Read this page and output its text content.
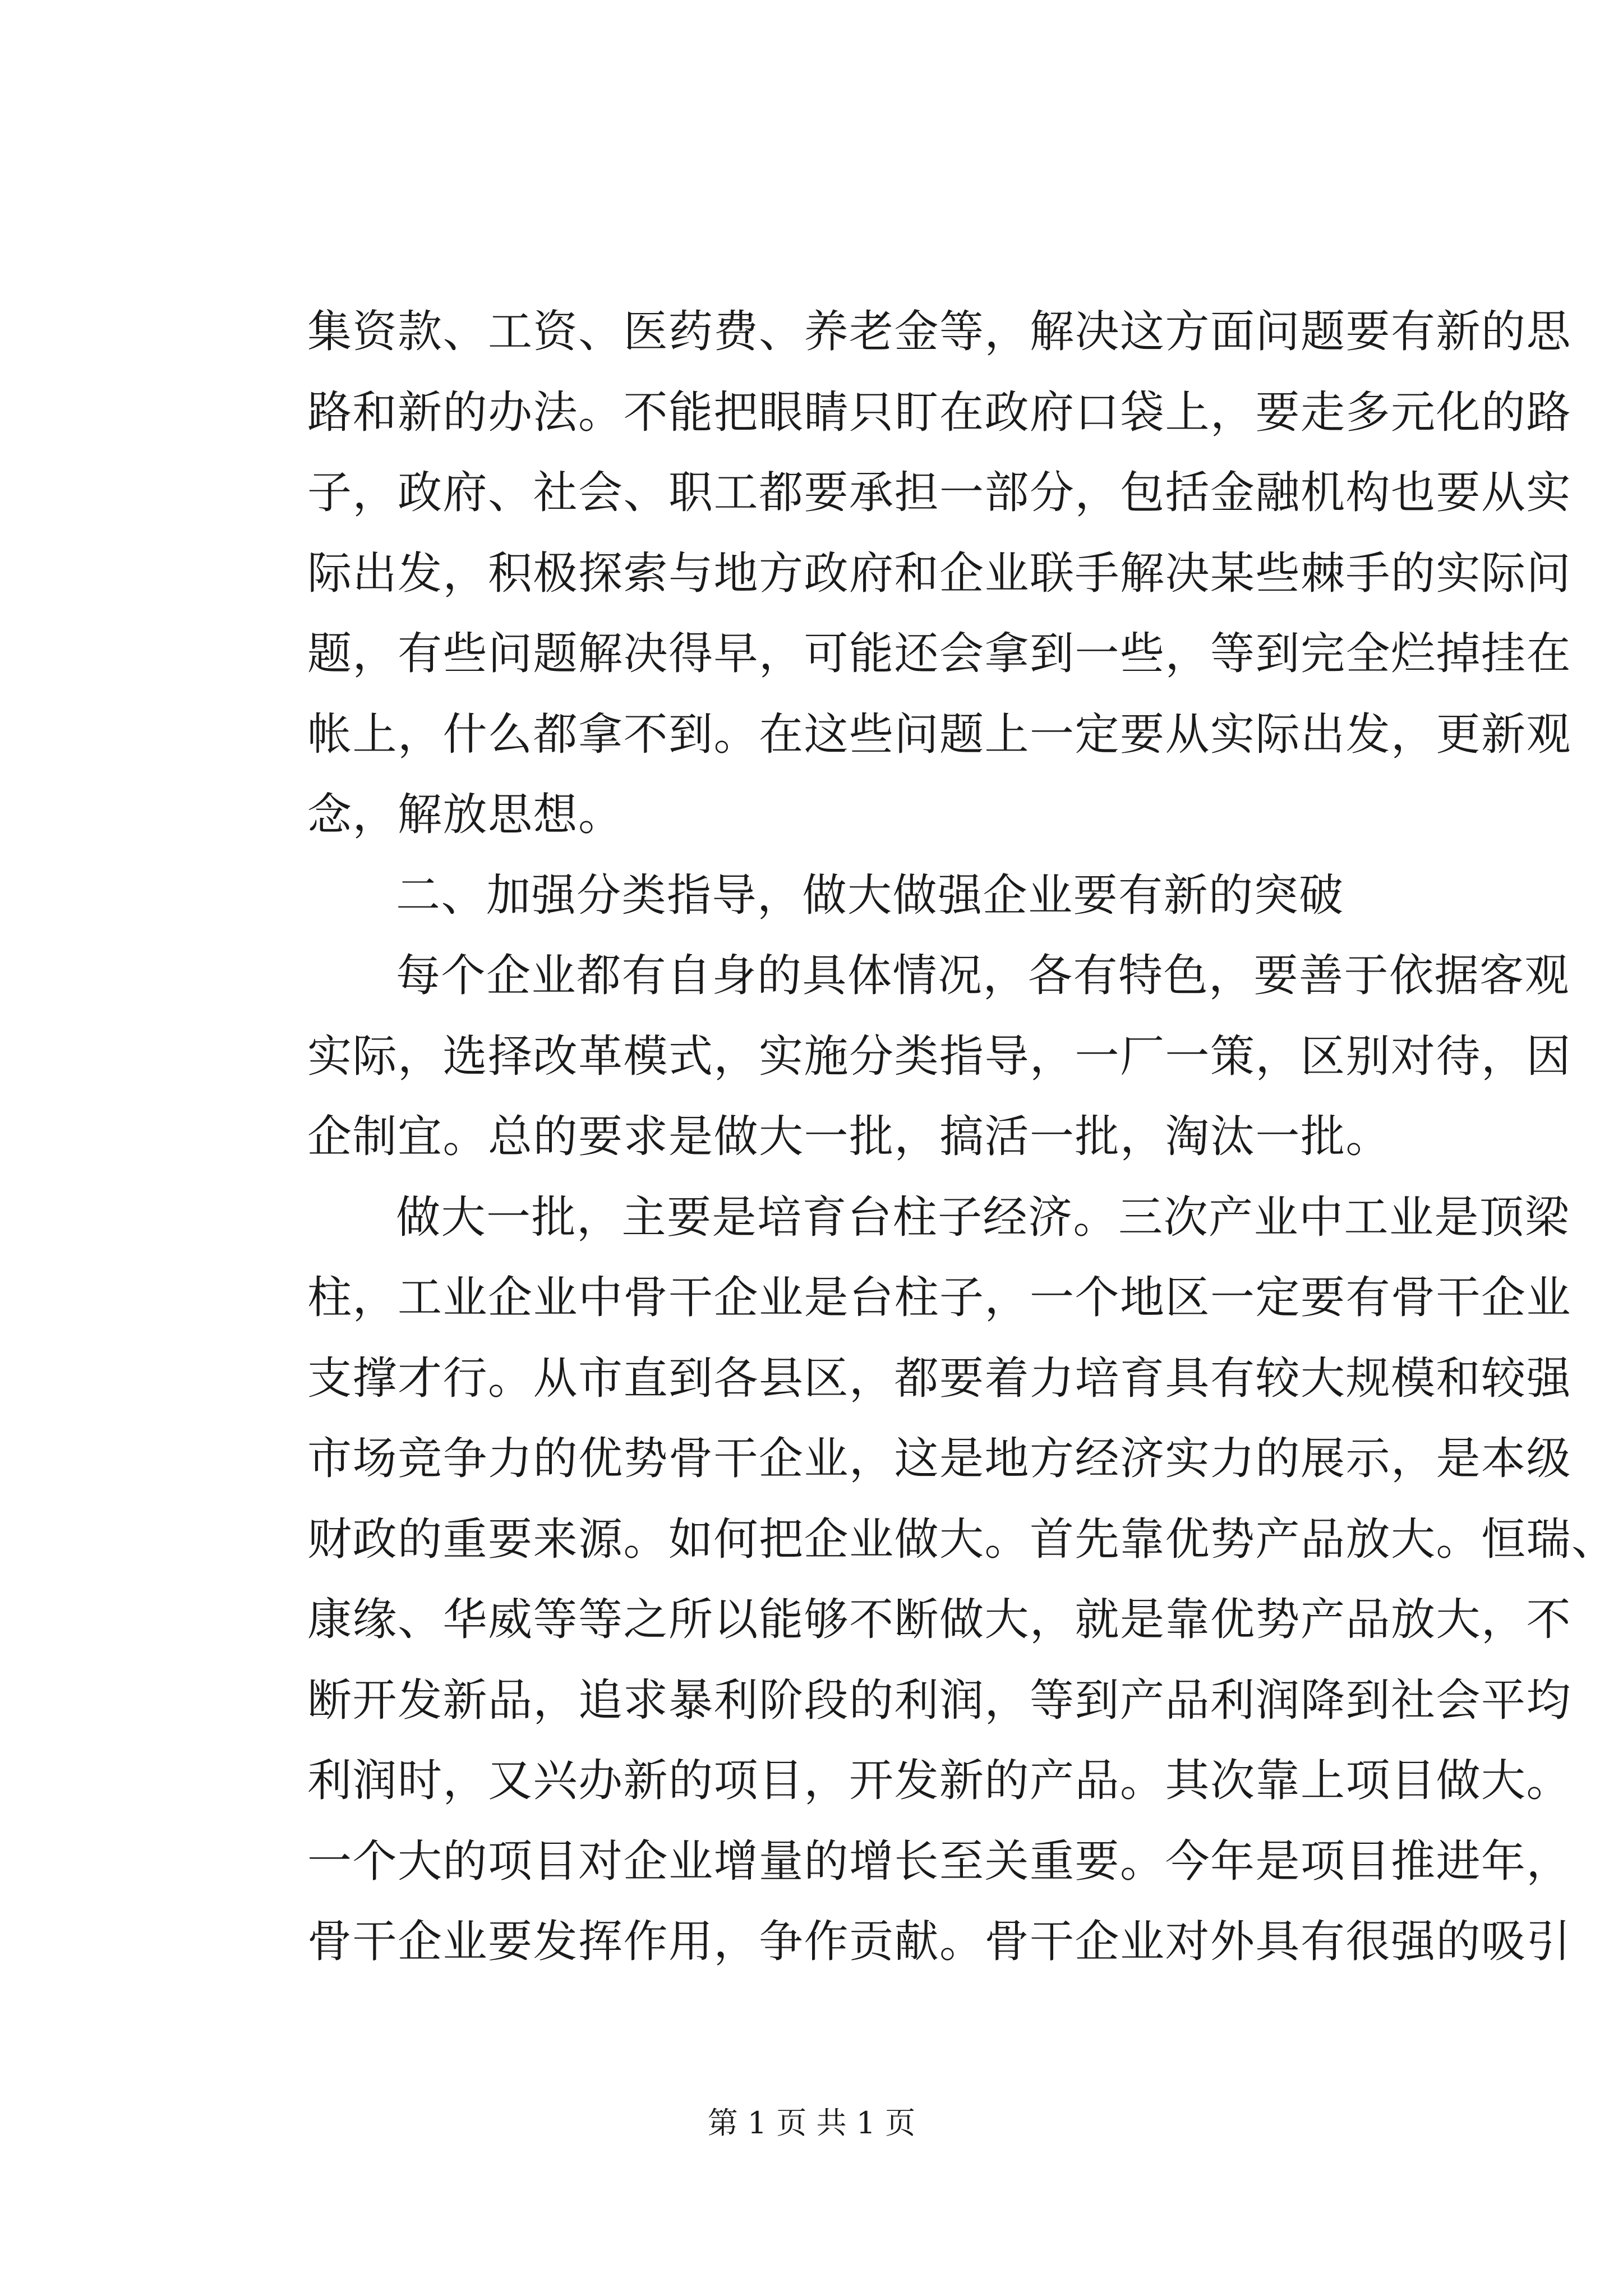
集资款、工资、医药费、养老金等，解决这方面问题要有新的思
路和新的办法。不能把眼睛只盯在政府口袋上，要走多元化的路
子，政府、社会、职工都要承担一部分，包括金融机构也要从实
际出发，积极探索与地方政府和企业联手解决某些棘手的实际问
题，有些问题解决得早，可能还会拿到一些，等到完全烂掉挂在
帐上，什么都拿不到。在这些问题上一定要从实际出发，更新观
念，解放思想。
二、加强分类指导，做大做强企业要有新的突破
每个企业都有自身的具体情况，各有特色，要善于依据客观
实际，选择改革模式，实施分类指导，一厂一策，区别对待，因
企制宜。总的要求是做大一批，搞活一批，淘汰一批。
做大一批，主要是培育台柱子经济。三次产业中工业是顶梁
柱，工业企业中骨干企业是台柱子，一个地区一定要有骨干企业
支撑才行。从市直到各县区，都要着力培育具有较大规模和较强
市场竞争力的优势骨干企业，这是地方经济实力的展示，是本级
财政的重要来源。如何把企业做大。首先靠优势产品放大。恒瑞、
康缘、华威等等之所以能够不断做大，就是靠优势产品放大，不
断开发新品，追求暴利阶段的利润，等到产品利润降到社会平均
利润时，又兴办新的项目，开发新的产品。其次靠上项目做大。
一个大的项目对企业增量的增长至关重要。今年是项目推进年，
骨干企业要发挥作用，争作贡献。骨干企业对外具有很强的吸引
第 1 页 共 1 页
